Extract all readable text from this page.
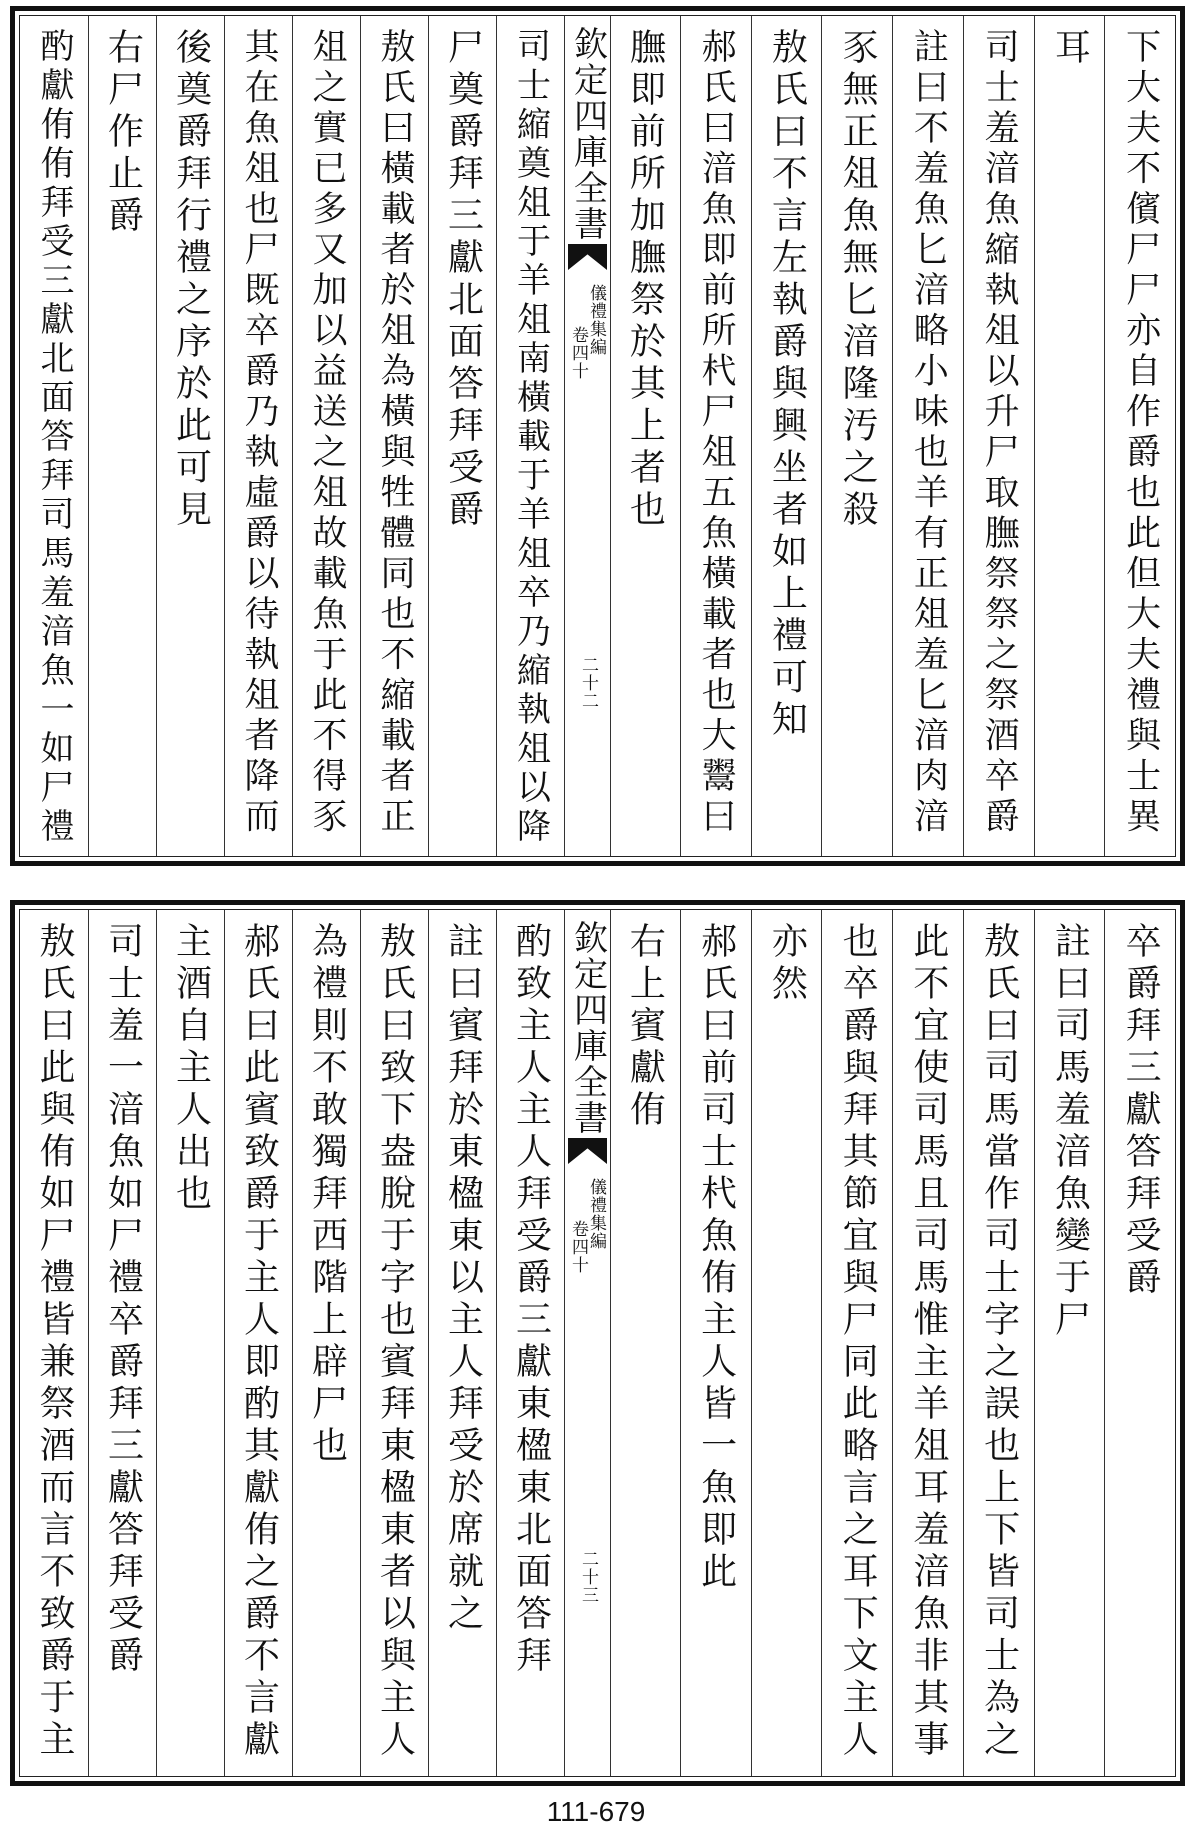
司士縮奠俎于羊俎南橫載于羊俎卒乃縮執俎以降
尸奠爵拜三獻北面答拜受爵
敖氏曰橫載者於俎為橫與牲體同也不縮載者正
俎之實已多又加以益送之俎故載魚于此不得豕
其在魚俎也尸既卒爵乃執虛爵以待執俎者降而
後奠爵拜行禮之序於此可見
右尸作止爵
酌獻侑侑拜受三獻北面答拜司馬羞湆魚一如尸禮	欽定四庫全書
儀禮集編
卷四十
二十二	下大夫不儐尸尸亦自作爵也此但大夫禮與士異
耳
司士羞湆魚縮執俎以升尸取膴祭祭之祭酒卒爵
註曰不羞魚匕湆略小味也羊有正俎羞匕湆肉湆
豕無正俎魚無匕湆隆汚之殺
敖氏曰不言左執爵與興坐者如上禮可知
郝氏曰湆魚即前所杙尸俎五魚橫載者也大鬻曰
膴即前所加膴祭於其上者也
酌致主人主人拜受爵三獻東楹東北面答拜
註曰賓拜於東楹東以主人拜受於席就之
敖氏曰致下盎脫于字也賓拜東楹東者以與主人
為禮則不敢獨拜西階上辟尸也
郝氏曰此賓致爵于主人即酌其獻侑之爵不言獻
主酒自主人出也
司士羞一湆魚如尸禮卒爵拜三獻答拜受爵
敖氏曰此與侑如尸禮皆兼祭酒而言不致爵于主	欽定四庫全書
儀禮集編
卷四十
二十三
卒爵拜三獻答拜受爵
註曰司馬羞湆魚變于尸
敖氏曰司馬當作司士字之誤也上下皆司士為之
此不宜使司馬且司馬惟主羊俎耳羞湆魚非其事
也卒爵與拜其節宜與尸同此略言之耳下文主人
亦然
郝氏曰前司士杙魚侑主人皆一魚即此
右上賓獻侑
111-679
